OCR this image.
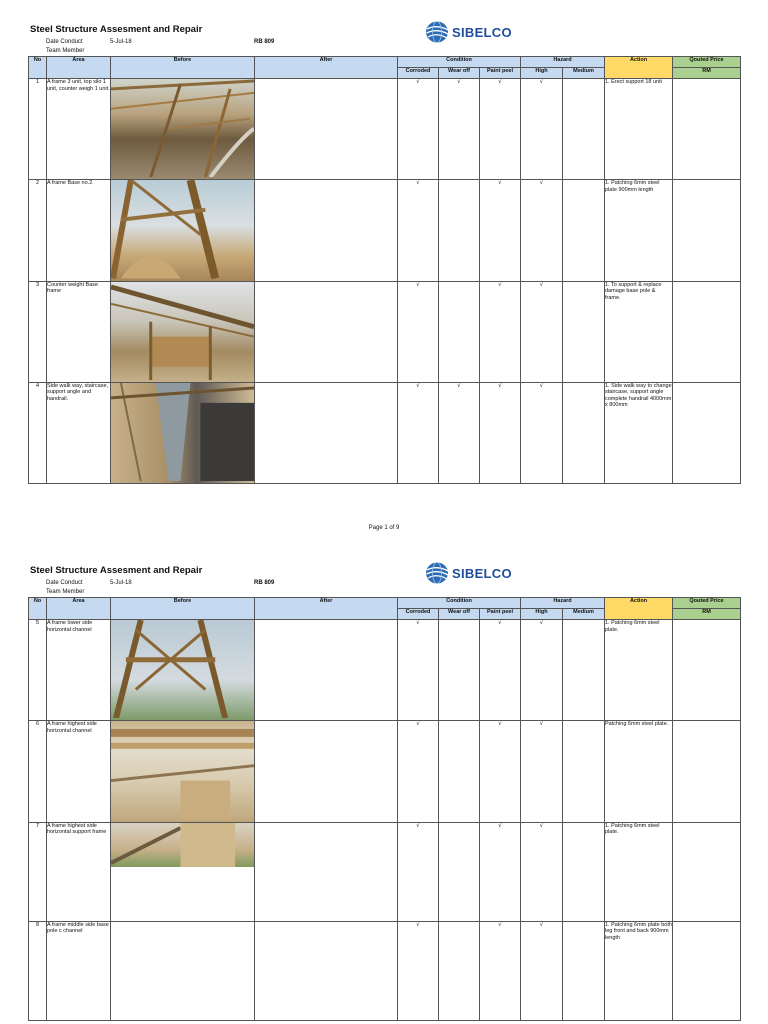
Steel Structure Assesment and Repair
Date Conduct	5-Jul-18	RB 809
Team Member
SIBELCO
No	Area	Before	After	Condition			Hazard		Action	Qouted Price
				Corroded	Wear off	Paint peel	High	Medium		RM
1	A frame 3 unit, top silo 1 unit, counter weigh 1 unit.			√	√	√	√		1. Erect support 18 unit	
2	A frame Base no.2			√		√	√		1. Patching 6mm steel plate 900mm length	
3	Counter weight Base frame			√		√	√		1. To support & replace damage base pole & frame.	
4	Side walk way, staircase, support angle and handrail.			√	√	√	√		1. Side walk way to change staircase, support angle complete handrail 4000mm x 800mm	
Page 1 of 9
Steel Structure Assesment and Repair
Date Conduct	5-Jul-18	RB 809
Team Member
SIBELCO
No	Area	Before	After	Condition			Hazard		Action	Qouted Price
				Corroded	Wear off	Paint peel	High	Medium		RM
5	A frame lower side horizontal channel			√		√	√		1. Patching 6mm steel plate.	
6	A frame highest side horizontal channel			√		√	√		Patching 6mm steel plate.	
7	A frame highest side horizontal support frame			√		√	√		1. Patching 6mm steel plate.	
8	A frame middle side base pole c channel			√		√	√		1. Patching 6mm plate both leg front and back 900mm length	
